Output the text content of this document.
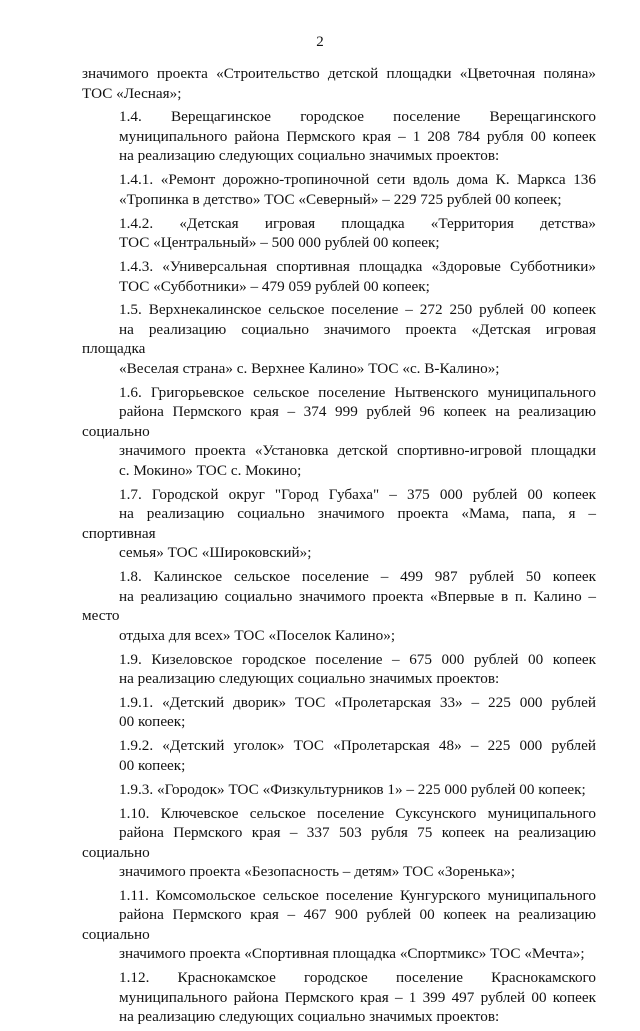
2

значимого проекта «Строительство детской площадки «Цветочная поляна»
ТОС «Лесная»;

1.4. Верещагинское городское поселение Верещагинского
муниципального района Пермского края – 1 208 784 рубля 00 копеек
на реализацию следующих социально значимых проектов:

1.4.1. «Ремонт дорожно-тропиночной сети вдоль дома К. Маркса 136
«Тропинка в детство» ТОС «Северный» – 229 725 рублей 00 копеек;

1.4.2. «Детская игровая площадка «Территория детства»
ТОС «Центральный» – 500 000 рублей 00 копеек;

1.4.3. «Универсальная спортивная площадка «Здоровые Субботники»
ТОС «Субботники» – 479 059 рублей 00 копеек;

1.5. Верхнекалинское сельское поселение – 272 250 рублей 00 копеек
на реализацию социально значимого проекта «Детская игровая площадка
«Веселая страна» с. Верхнее Калино» ТОС «с. В-Калино»;

1.6. Григорьевское сельское поселение Нытвенского муниципального
района Пермского края – 374 999 рублей 96 копеек на реализацию социально
значимого проекта «Установка детской спортивно-игровой площадки
с. Мокино» ТОС с. Мокино;

1.7. Городской округ "Город Губаха" – 375 000 рублей 00 копеек
на реализацию социально значимого проекта «Мама, папа, я – спортивная
семья» ТОС «Широковский»;

1.8. Калинское сельское поселение – 499 987 рублей 50 копеек
на реализацию социально значимого проекта «Впервые в п. Калино – место
отдыха для всех» ТОС «Поселок Калино»;

1.9. Кизеловское городское поселение – 675 000 рублей 00 копеек
на реализацию следующих социально значимых проектов:

1.9.1. «Детский дворик» ТОС «Пролетарская 33» – 225 000 рублей
00 копеек;

1.9.2. «Детский уголок» ТОС «Пролетарская 48» – 225 000 рублей
00 копеек;

1.9.3. «Городок» ТОС «Физкультурников 1» – 225 000 рублей 00 копеек;

1.10. Ключевское сельское поселение Суксунского муниципального
района Пермского края – 337 503 рубля 75 копеек на реализацию социально
значимого проекта «Безопасность – детям» ТОС «Зоренька»;

1.11. Комсомольское сельское поселение Кунгурского муниципального
района Пермского края – 467 900 рублей 00 копеек на реализацию социально
значимого проекта «Спортивная площадка «Спортмикс» ТОС «Мечта»;

1.12. Краснокамское городское поселение Краснокамского
муниципального района Пермского края – 1 399 497 рублей 00 копеек
на реализацию следующих социально значимых проектов:
